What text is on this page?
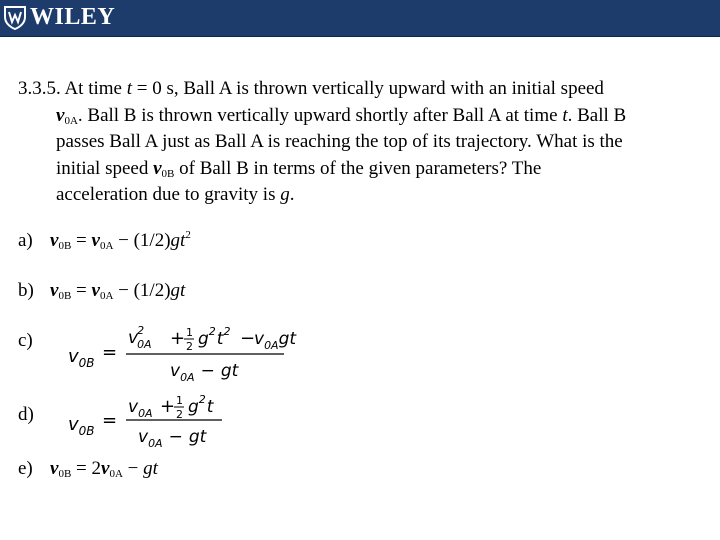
WILEY
3.3.5. At time t = 0 s, Ball A is thrown vertically upward with an initial speed
$v_{0A}$. Ball B is thrown vertically upward shortly after Ball A at time t. Ball B
passes Ball A just as Ball A is reaching the top of its trajectory. What is the
initial speed $v_{0B}$ of Ball B in terms of the given parameters? The
acceleration due to gravity is g.
a) $v_{0B} = v_{0A} - (1/2)gt^2$
b) $v_{0B} = v_{0A} - (1/2)gt$
c)
$v_{0B}$ =
v2 0A + 1
2 $g^2t^2$ −
$v_{0A}gt$
$v_{0A}$ − gt
d)	$v_{0B}$ =
$v_{0A} + 1$
2 $g^2t$
$v_{0A}$ − gt
e) $v_{0B} = 2v_{0A}$ − gt
